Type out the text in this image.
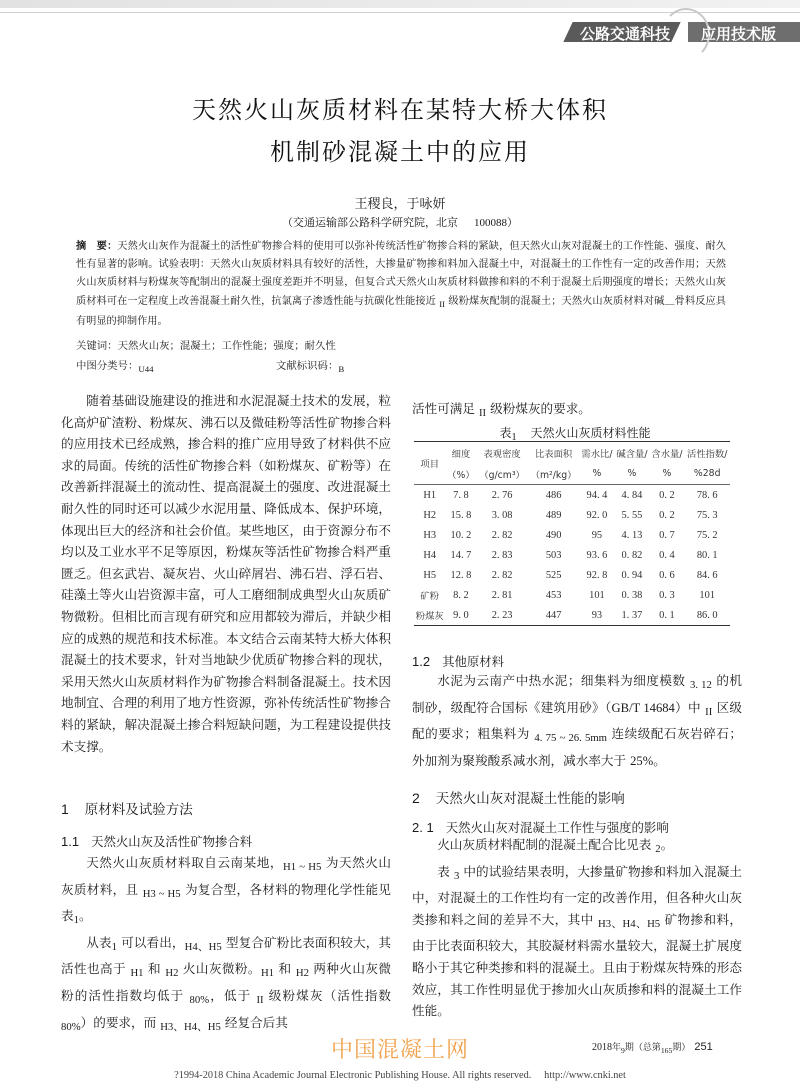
公路交通科技 应用技术版
天然火山灰质材料在某特大桥大体积
机制砂混凝土中的应用
王稷良，于咏妍
（交通运输部公路科学研究院，北京 100088）
摘　要：天然火山灰作为混凝土的活性矿物掺合料的使用可以弥补传统活性矿物掺合料的紧缺，但天然火山灰对混凝土的工作性能、强度、耐久性有显著的影响。试验表明：天然火山灰质材料具有较好的活性，大掺量矿物掺和料加入混凝土中，对混凝土的工作性有一定的改善作用；天然火山灰质材料与粉煤灰等配制出的混凝土强度差距并不明显，但复合式天然火山灰质材料做掺和料的不利于混凝土后期强度的增长；天然火山灰质材料可在一定程度上改善混凝土耐久性，抗氯离子渗透性能与抗碳化性能接近 $_{II}$ 级粉煤灰配制的混凝土；天然火山灰质材料对碱＿骨料反应具有明显的抑制作用。
关键词：天然火山灰；混凝土；工作性能；强度；耐久性
中图分类号：$_{U44}$	文献标识码：$_B$

随着基础设施建设的推进和水泥混凝土技术的发展，粒化高炉矿渣粉、粉煤灰、沸石以及微硅粉等活性矿物掺合料的应用技术已经成熟，掺合料的推广应用导致了材料供不应求的局面。传统的活性矿物掺合料（如粉煤灰、矿粉等）在改善新拌混凝土的流动性、提高混凝土的强度、改进混凝土耐久性的同时还可以减少水泥用量、降低成本、保护环境，体现出巨大的经济和社会价值。某些地区，由于资源分布不均以及工业水平不足等原因，粉煤灰等活性矿物掺合料严重匮乏。但玄武岩、凝灰岩、火山碎屑岩、沸石岩、浮石岩、硅藻土等火山岩资源丰富，可人工磨细制成典型火山灰质矿物微粉。但相比而言现有研究和应用都较为滞后，并缺少相应的成熟的规范和技术标准。本文结合云南某特大桥大体积混凝土的技术要求，针对当地缺少优质矿物掺合料的现状，采用天然火山灰质材料作为矿物掺合料制备混凝土。技术因地制宜、合理的利用了地方性资源，弥补传统活性矿物掺合料的紧缺，解决混凝土掺合料短缺问题，为工程建设提供技术支撑。

1 原材料及试验方法
1.1 天然火山灰及活性矿物掺合料

天然火山灰质材料取自云南某地，H1 ~ H5 为天然火山灰质材料，且 H3 ~ H5 为复合型，各材料的物理化学性能见表1。

从表1 可以看出，H4、H5 型复合矿粉比表面积较大，其活性也高于 H1 和 H2 火山灰微粉。H1 和 H2 两种火山灰微粉的活性指数均低于 80%，低于 II 级粉煤灰（活性指数 80%）的要求，而 H3、H4、H5 经复合后其

活性可满足 II 级粉煤灰的要求。

表$_1$ 天然火山灰质材料性能
项目	细度	表观密度	比表面积	需水比/	碱含量/	含水量/	活性指数/
	（%）	（g/cm³）	（m²/kg）	%	%	%	%28d
H1	7. 8	2. 76	486	94. 4	4. 84	0. 2	78. 6
H2	15. 8	3. 08	489	92. 0	5. 55	0. 2	75. 3
H3	10. 2	2. 82	490	95	4. 13	0. 7	75. 2
H4	14. 7	2. 83	503	93. 6	0. 82	0. 4	80. 1
H5	12. 8	2. 82	525	92. 8	0. 94	0. 6	84. 6
矿粉	8. 2	2. 81	453	101	0. 38	0. 3	101
粉煤灰	9. 0	2. 23	447	93	1. 37	0. 1	86. 0
1.2 其他原材料

水泥为云南产中热水泥；细集料为细度模数 3. 12 的机制砂，级配符合国标《建筑用砂》（GB/T 14684）中 II 区级配的要求；粗集料为 4. 75 ~ 26. 5mm 连续级配石灰岩碎石；外加剂为聚羧酸系减水剂，减水率大于 25%。

2 天然火山灰对混凝土性能的影响
2. 1 天然火山灰对混凝土工作性与强度的影响

火山灰质材料配制的混凝土配合比见表 2。

表 3 中的试验结果表明，大掺量矿物掺和料加入混凝土中，对混凝土的工作性均有一定的改善作用，但各种火山灰类掺和料之间的差异不大，其中 H3、H4、H5 矿物掺和料，由于比表面积较大，其胶凝材料需水量较大，混凝土扩展度略小于其它种类掺和料的混凝土。且由于粉煤灰特殊的形态效应，其工作性明显优于掺加火山灰质掺和料的混凝土工作性能。

中国混凝土网	2018年9期（总第165期） 251
?1994-2018 China Academic Journal Electronic Publishing House. All rights reserved.　 http://www.cnki.net
